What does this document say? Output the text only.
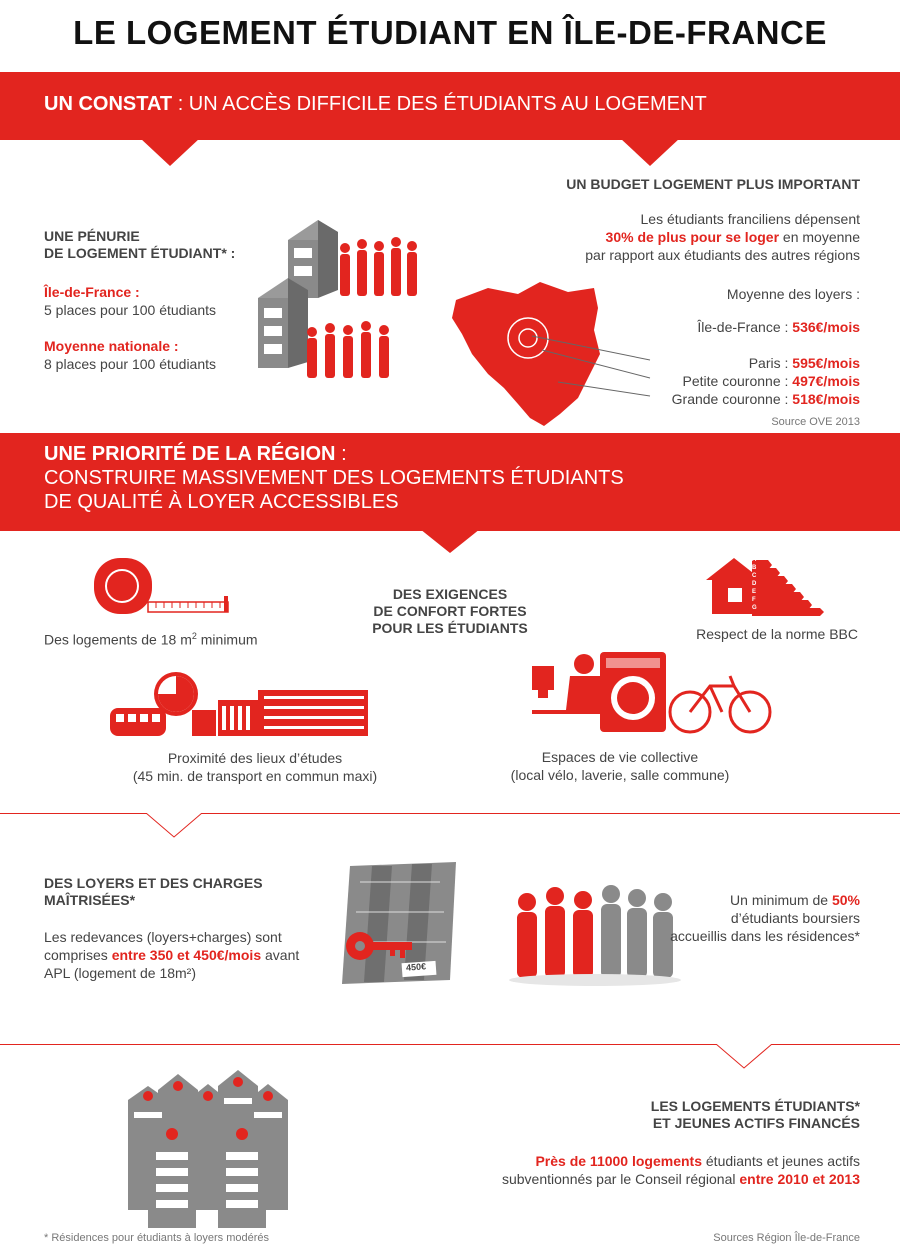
LE LOGEMENT ÉTUDIANT EN ÎLE-DE-FRANCE
UN CONSTAT : UN ACCÈS DIFFICILE DES ÉTUDIANTS AU LOGEMENT
UNE PÉNURIE
DE LOGEMENT ÉTUDIANT* :
Île-de-France :
5 places pour 100 étudiants
Moyenne nationale :
8 places pour 100 étudiants
UN BUDGET LOGEMENT PLUS IMPORTANT
Les étudiants franciliens dépensent
30% de plus pour se loger en moyenne
par rapport aux étudiants des autres régions
Moyenne des loyers :
Île-de-France : 536€/mois
Paris : 595€/mois
Petite couronne : 497€/mois
Grande couronne : 518€/mois
Source OVE 2013
UNE PRIORITÉ DE LA RÉGION :
CONSTRUIRE MASSIVEMENT DES LOGEMENTS ÉTUDIANTS
DE QUALITÉ À LOYER ACCESSIBLES
Des logements de 18 $m^2$ minimum
DES EXIGENCES
DE CONFORT FORTES
POUR LES ÉTUDIANTS
A
B
C
D
E
F
G
Respect de la norme BBC
Proximité des lieux d’études
(45 min. de transport en commun maxi)
Espaces de vie collective
(local vélo, laverie, salle commune)
DES LOYERS ET DES CHARGES
MAÎTRISÉES*
Les redevances (loyers+charges) sont
comprises entre 350 et 450€/mois avant
APL (logement de 18m²)	450€
Un minimum de 50%
d’étudiants boursiers
accueillis dans les résidences*
LES LOGEMENTS ÉTUDIANTS*
ET JEUNES ACTIFS FINANCÉS
Près de 11000 logements étudiants et jeunes actifs
subventionnés par le Conseil régional entre 2010 et 2013
* Résidences pour étudiants à loyers modérés	Sources Région Île-de-France
